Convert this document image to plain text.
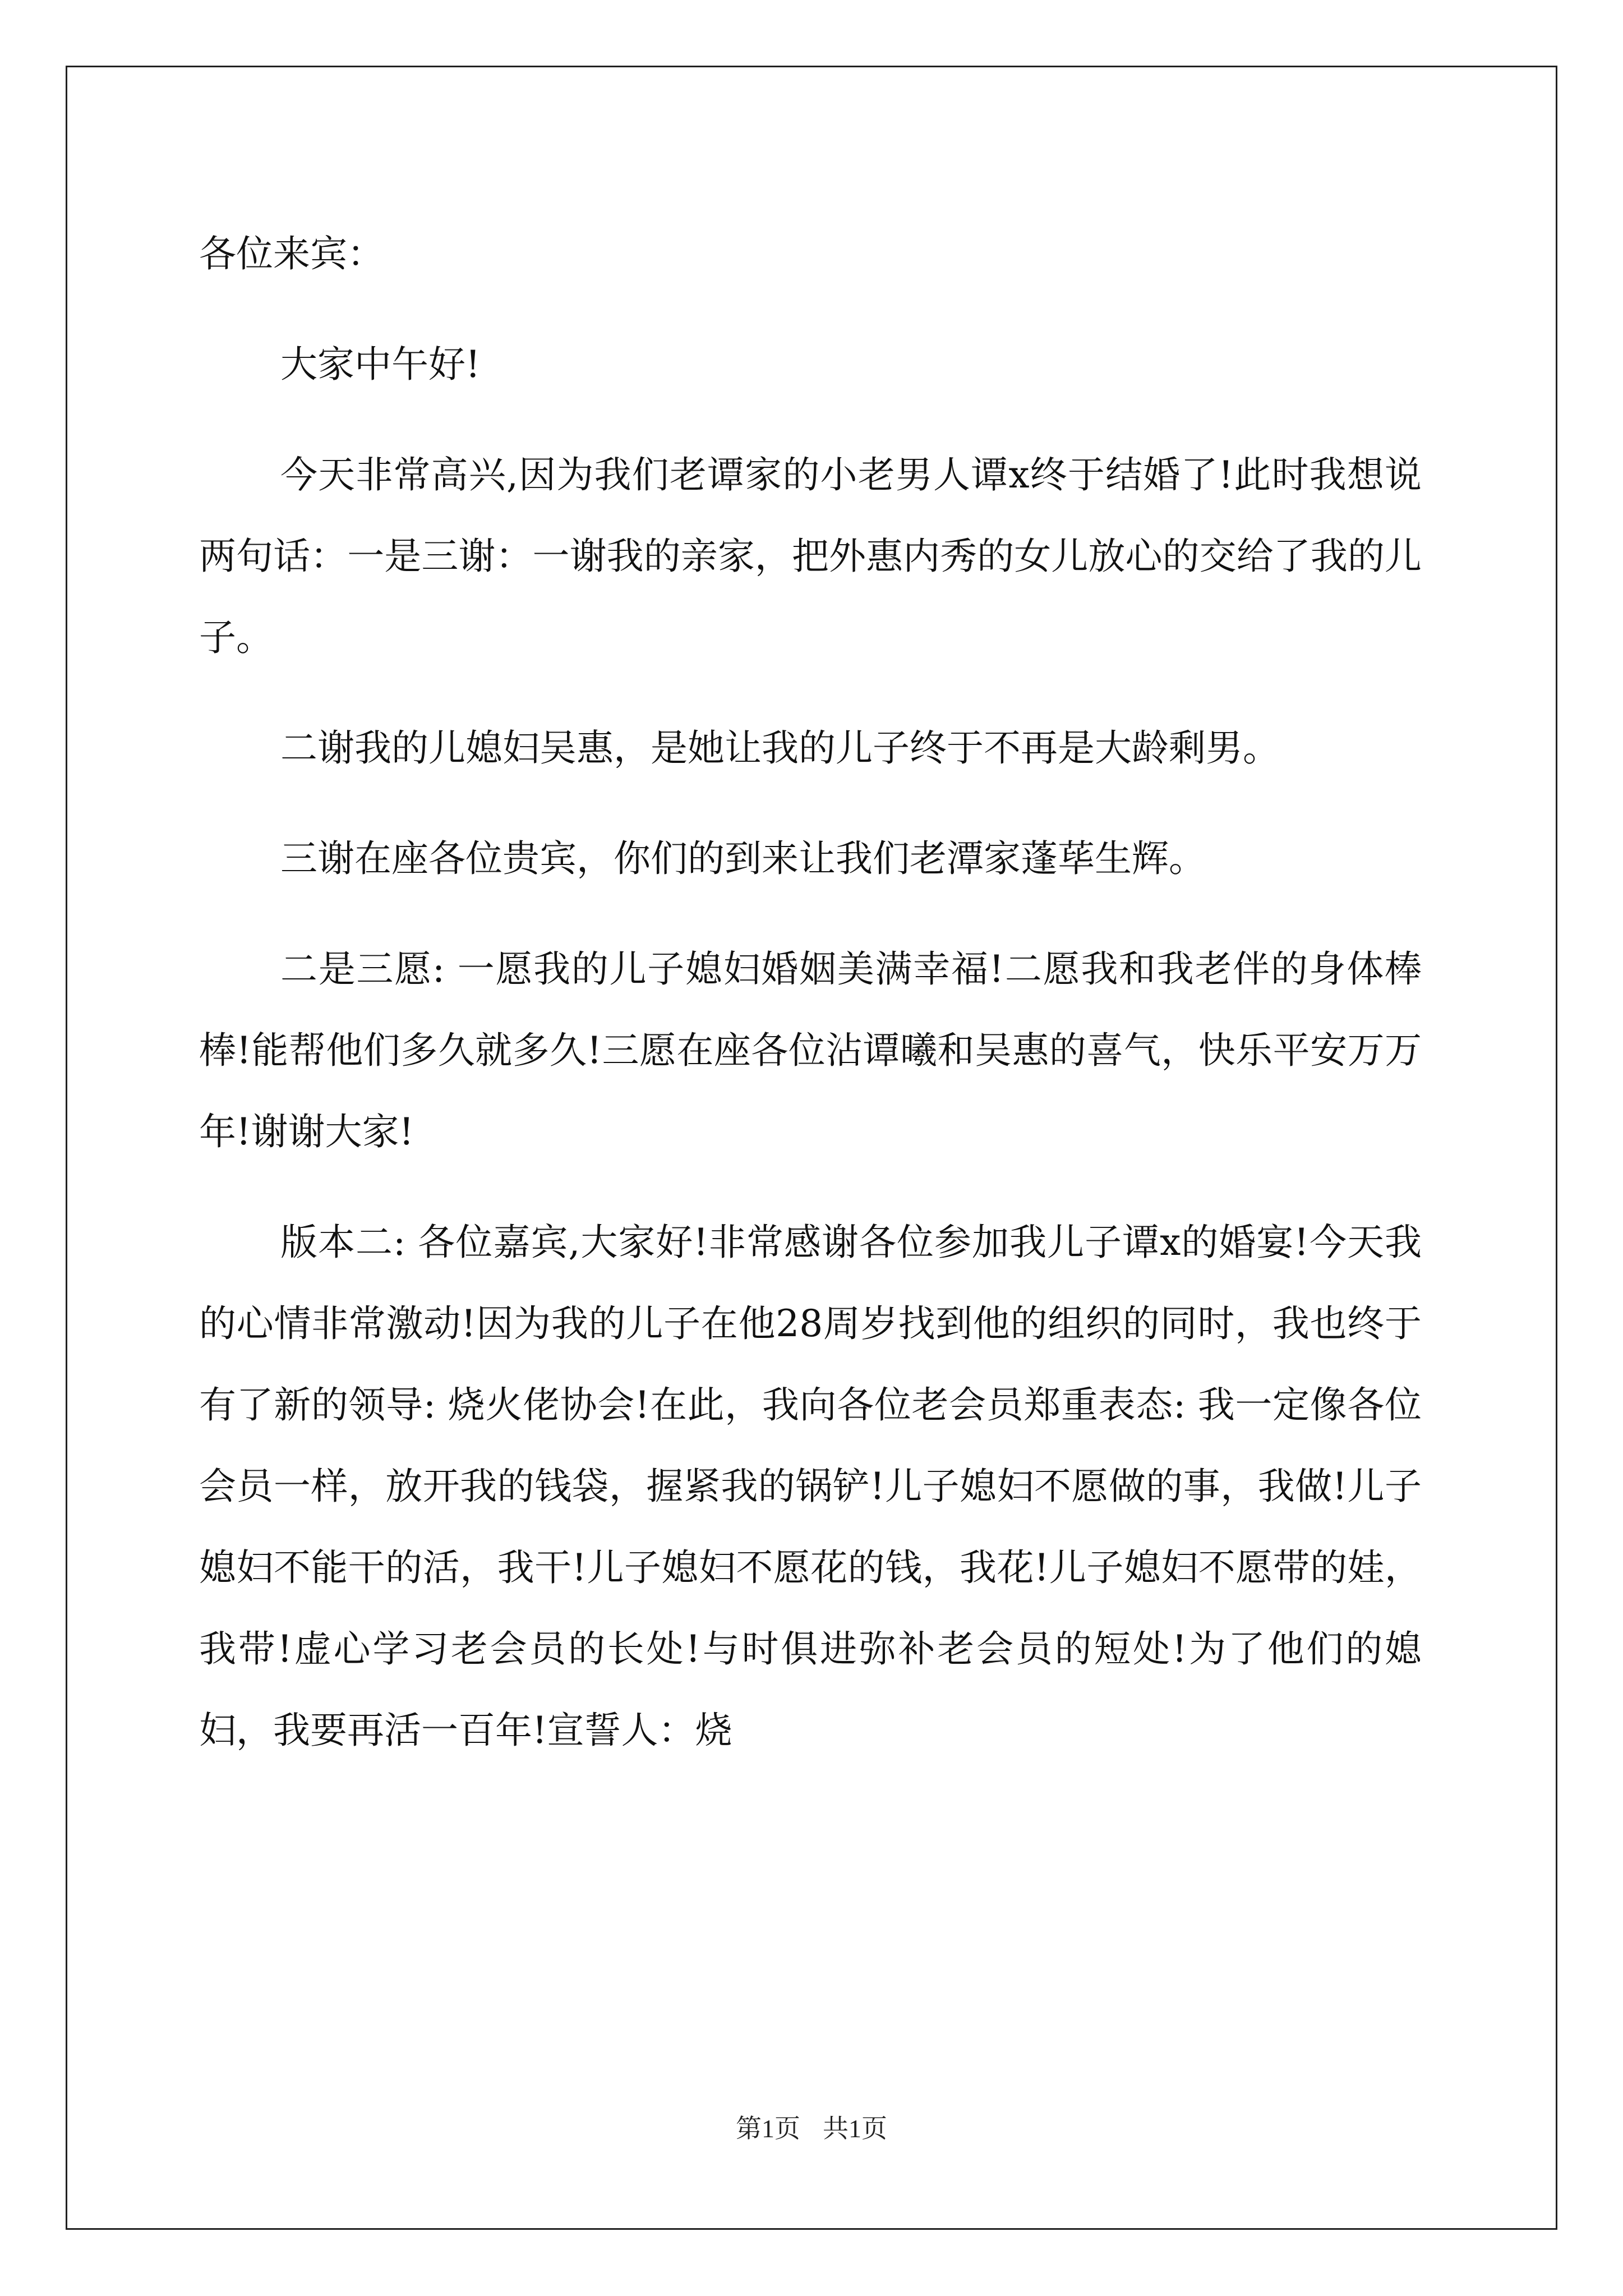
各位来宾：

大家中午好!

今天非常高兴,因为我们老谭家的小老男人谭x终于结婚了!此时我想说两句话：一是三谢：一谢我的亲家，把外惠内秀的女儿放心的交给了我的儿子。

二谢我的儿媳妇吴惠，是她让我的儿子终于不再是大龄剩男。

三谢在座各位贵宾，你们的到来让我们老潭家蓬荜生辉。

二是三愿: 一愿我的儿子媳妇婚姻美满幸福!二愿我和我老伴的身体棒棒!能帮他们多久就多久!三愿在座各位沾谭曦和吴惠的喜气，快乐平安万万年!谢谢大家!

版本二: 各位嘉宾,大家好!非常感谢各位参加我儿子谭x的婚宴!今天我的心情非常激动!因为我的儿子在他28周岁找到他的组织的同时，我也终于有了新的领导: 烧火佬协会!在此，我向各位老会员郑重表态: 我一定像各位会员一样，放开我的钱袋，握紧我的锅铲!儿子媳妇不愿做的事，我做!儿子媳妇不能干的活，我干!儿子媳妇不愿花的钱，我花!儿子媳妇不愿带的娃，我带!虚心学习老会员的长处!与时俱进弥补老会员的短处!为了他们的媳妇，我要再活一百年!宣誓人：烧

第1页 共1页
